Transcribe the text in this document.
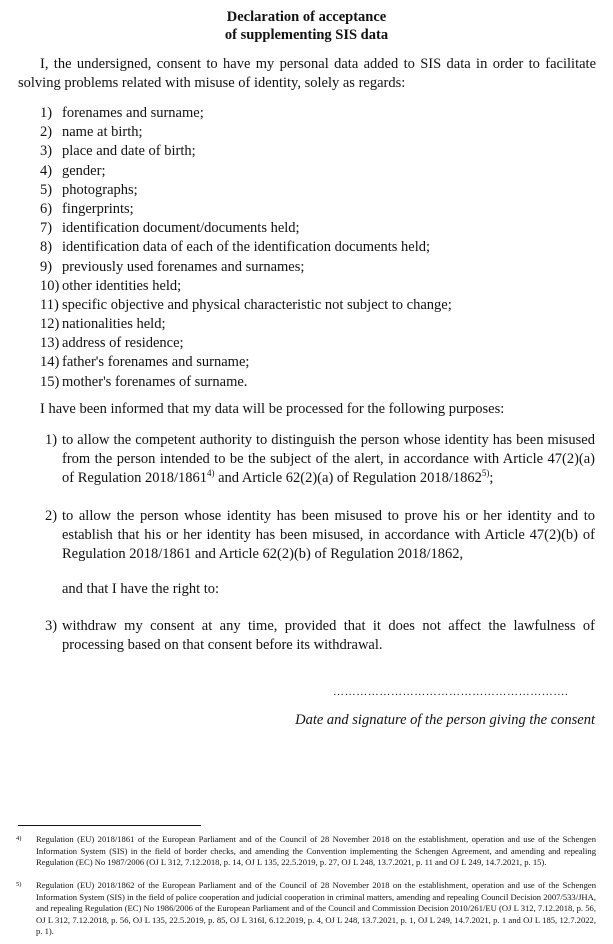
Declaration of acceptance
of supplementing SIS data
I, the undersigned, consent to have my personal data added to SIS data in order to facilitate solving problems related with misuse of identity, solely as regards:
1) forenames and surname;
2) name at birth;
3) place and date of birth;
4) gender;
5) photographs;
6) fingerprints;
7) identification document/documents held;
8) identification data of each of the identification documents held;
9) previously used forenames and surnames;
10) other identities held;
11) specific objective and physical characteristic not subject to change;
12) nationalities held;
13) address of residence;
14) father's forenames and surname;
15) mother's forenames of surname.
I have been informed that my data will be processed for the following purposes:
1) to allow the competent authority to distinguish the person whose identity has been misused from the person intended to be the subject of the alert, in accordance with Article 47(2)(a) of Regulation 2018/1861$^{4)}$ and Article 62(2)(a) of Regulation 2018/1862$^{5)}$;
2) to allow the person whose identity has been misused to prove his or her identity and to establish that his or her identity has been misused, in accordance with Article 47(2)(b) of Regulation 2018/1861 and Article 62(2)(b) of Regulation 2018/1862,
and that I have the right to:
3) withdraw my consent at any time, provided that it does not affect the lawfulness of processing based on that consent before its withdrawal.
…………………………………………………….
Date and signature of the person giving the consent
4)	Regulation (EU) 2018/1861 of the European Parliament and of the Council of 28 November 2018 on the establishment, operation and use of the Schengen Information System (SIS) in the field of border checks, and amending the Convention implementing the Schengen Agreement, and amending and repealing Regulation (EC) No 1987/2006 (OJ L 312, 7.12.2018, p. 14, OJ L 135, 22.5.2019, p. 27, OJ L 248, 13.7.2021, p. 11 and OJ L 249, 14.7.2021, p. 15).
5)	Regulation (EU) 2018/1862 of the European Parliament and of the Council of 28 November 2018 on the establishment, operation and use of the Schengen Information System (SIS) in the field of police cooperation and judicial cooperation in criminal matters, amending and repealing Council Decision 2007/533/JHA, and repealing Regulation (EC) No 1986/2006 of the European Parliament and of the Council and Commission Decision 2010/261/EU (OJ L 312, 7.12.2018, p. 56, OJ L 312, 7.12.2018, p. 56, OJ L 135, 22.5.2019, p. 85, OJ L 316I, 6.12.2019, p. 4, OJ L 248, 13.7.2021, p. 1, OJ L 249, 14.7.2021, p. 1 and OJ L 185, 12.7.2022, p. 1).
